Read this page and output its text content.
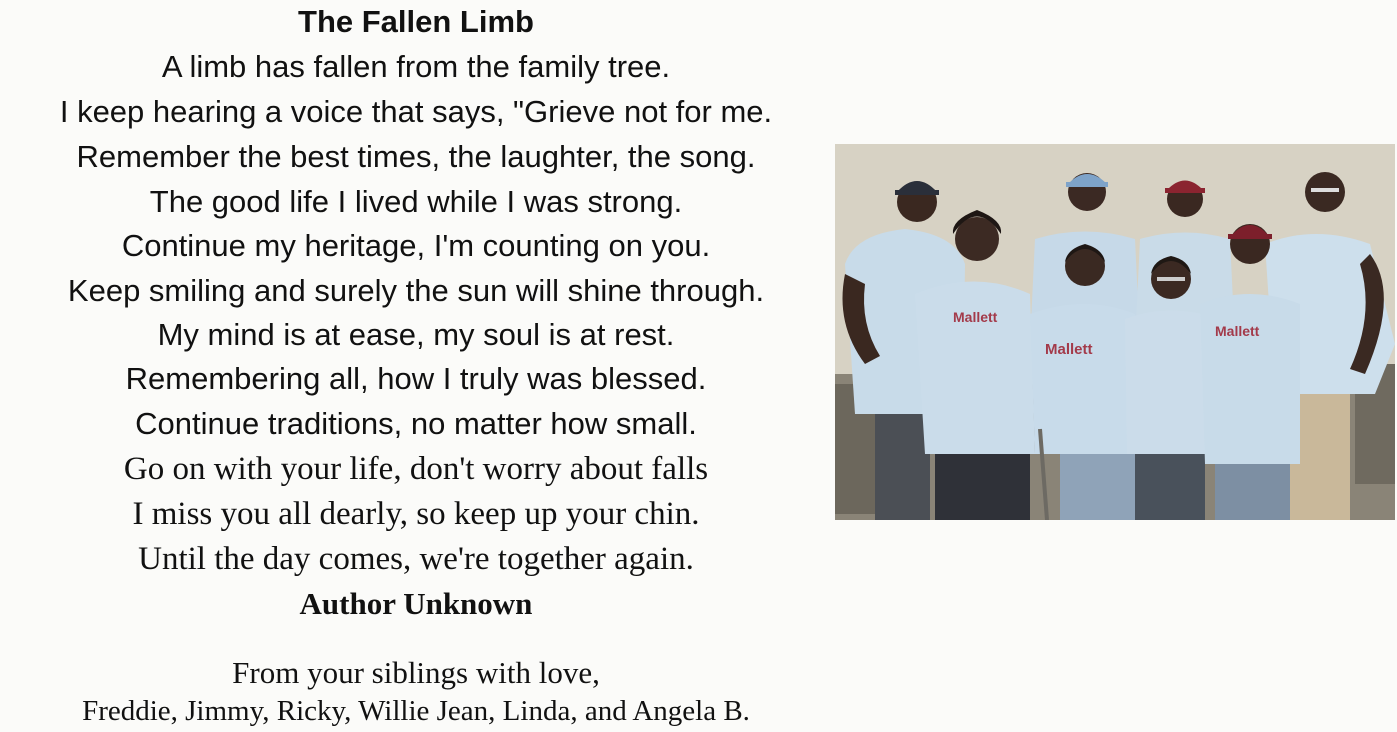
The Fallen Limb
A limb has fallen from the family tree.
I keep hearing a voice that says, "Grieve not for me.
Remember the best times, the laughter, the song.
The good life I lived while I was strong.
Continue my heritage, I'm counting on you.
Keep smiling and surely the sun will shine through.
My mind is at ease, my soul is at rest.
Remembering all, how I truly was blessed.
Continue traditions, no matter how small.
Go on with your life, don't worry about falls
I miss you all dearly, so keep up your chin.
Until the day comes, we're together again.
Author Unknown
From your siblings with love,
Freddie, Jimmy, Ricky, Willie Jean, Linda, and Angela B.
Mallett
Mallett
Mallett
